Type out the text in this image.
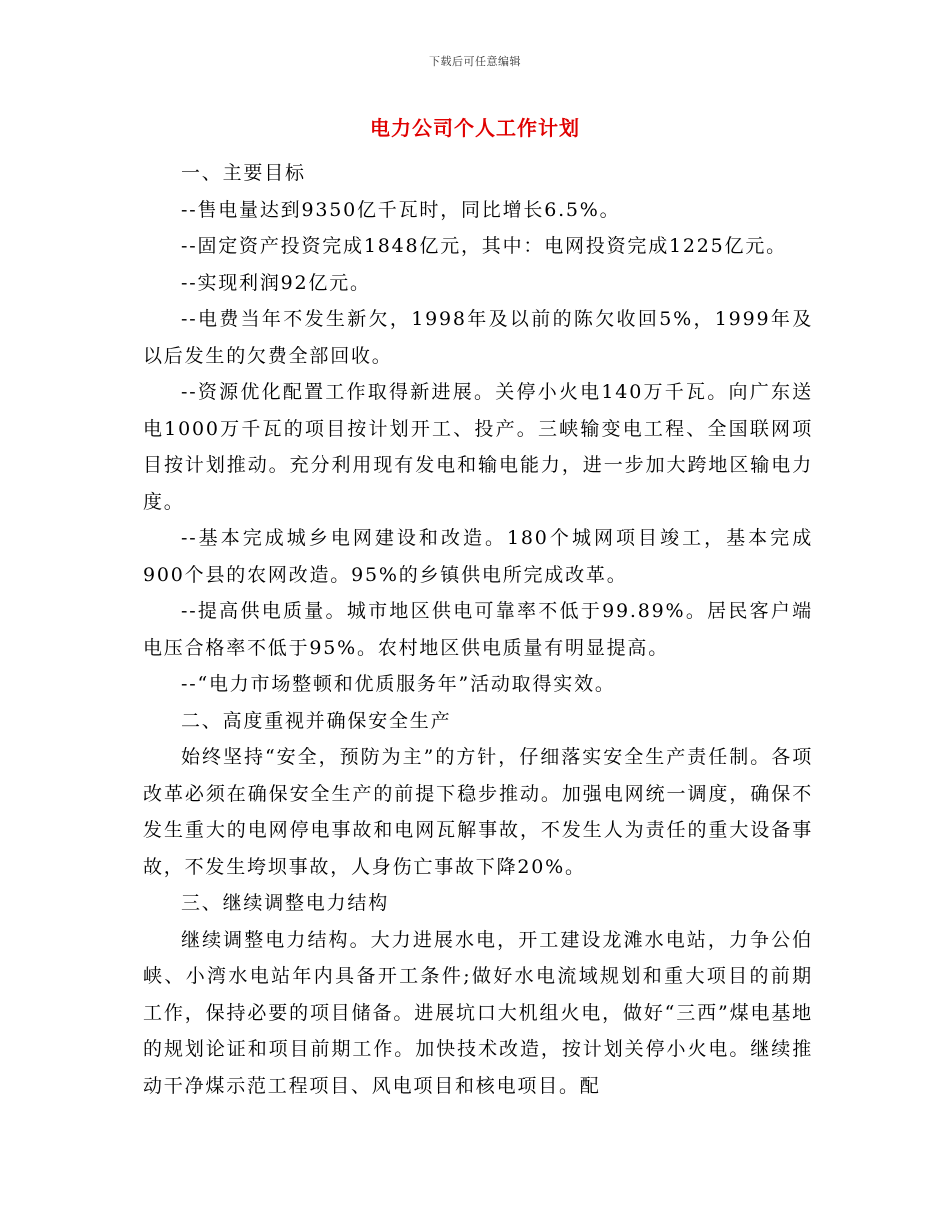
下载后可任意编辑
电力公司个人工作计划

一、主要目标

--售电量达到9350亿千瓦时，同比增长6.5%。

--固定资产投资完成1848亿元，其中：电网投资完成1225亿元。

--实现利润92亿元。

--电费当年不发生新欠，1998年及以前的陈欠收回5%，1999年及以后发生的欠费全部回收。

--资源优化配置工作取得新进展。关停小火电140万千瓦。向广东送电1000万千瓦的项目按计划开工、投产。三峡输变电工程、全国联网项目按计划推动。充分利用现有发电和输电能力，进一步加大跨地区输电力度。

--基本完成城乡电网建设和改造。180个城网项目竣工，基本完成900个县的农网改造。95%的乡镇供电所完成改革。

--提高供电质量。城市地区供电可靠率不低于99.89%。居民客户端电压合格率不低于95%。农村地区供电质量有明显提高。

--“电力市场整顿和优质服务年”活动取得实效。

二、高度重视并确保安全生产

始终坚持“安全，预防为主”的方针，仔细落实安全生产责任制。各项改革必须在确保安全生产的前提下稳步推动。加强电网统一调度，确保不发生重大的电网停电事故和电网瓦解事故，不发生人为责任的重大设备事故，不发生垮坝事故，人身伤亡事故下降20%。

三、继续调整电力结构

继续调整电力结构。大力进展水电，开工建设龙滩水电站，力争公伯峡、小湾水电站年内具备开工条件;做好水电流域规划和重大项目的前期工作，保持必要的项目储备。进展坑口大机组火电，做好“三西”煤电基地的规划论证和项目前期工作。加快技术改造，按计划关停小火电。继续推动干净煤示范工程项目、风电项目和核电项目。配
